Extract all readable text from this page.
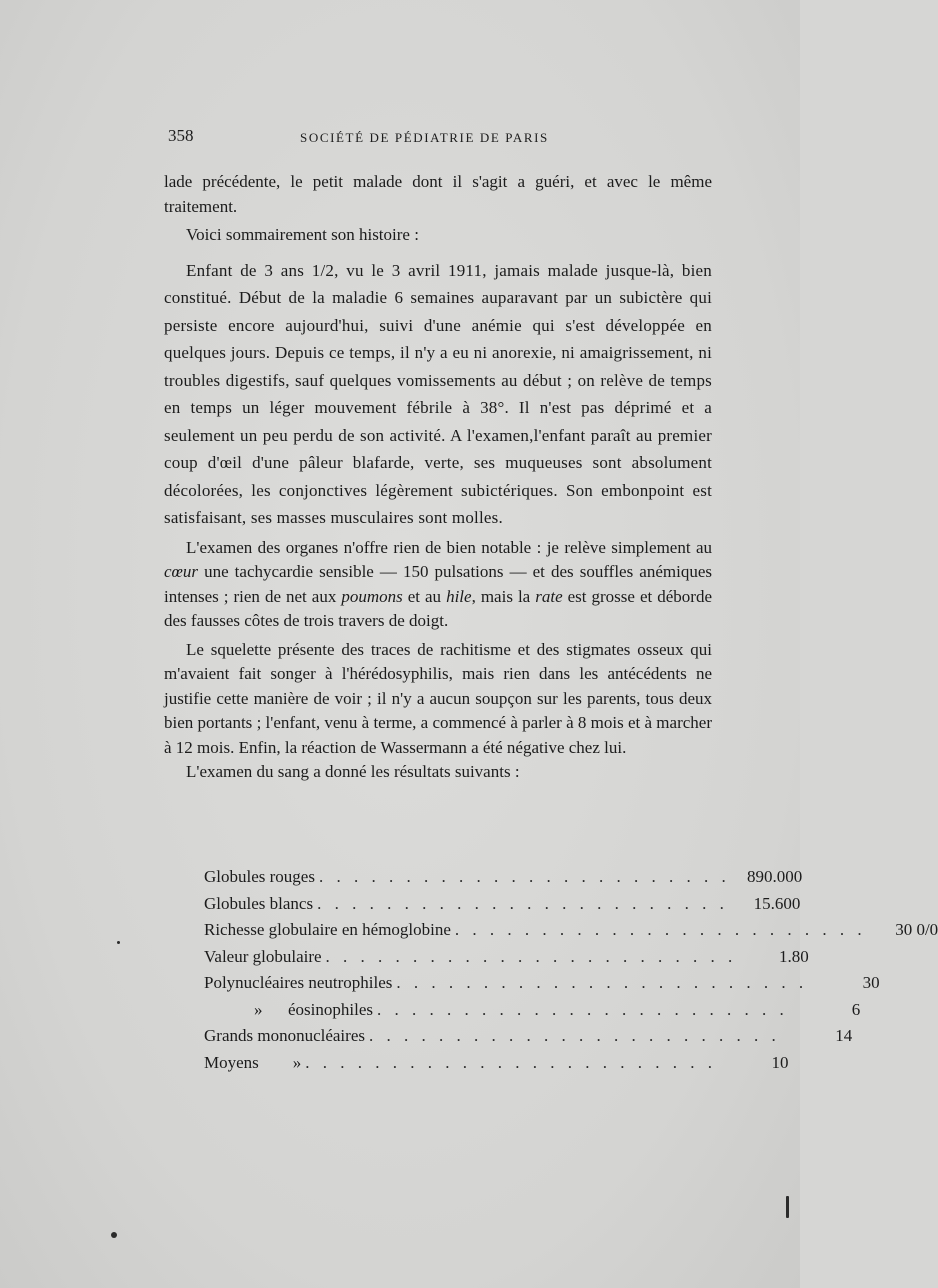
358	SOCIÉTÉ DE PÉDIATRIE DE PARIS

lade précédente, le petit malade dont il s'agit a guéri, et avec le même traitement.

Voici sommairement son histoire :

Enfant de 3 ans 1/2, vu le 3 avril 1911, jamais malade jusque-là, bien constitué. Début de la maladie 6 semaines auparavant par un subictère qui persiste encore aujourd'hui, suivi d'une anémie qui s'est développée en quelques jours. Depuis ce temps, il n'y a eu ni anorexie, ni amaigrissement, ni troubles digestifs, sauf quelques vomissements au début ; on relève de temps en temps un léger mouvement fébrile à 38°. Il n'est pas déprimé et a seulement un peu perdu de son activité. A l'examen,l'enfant paraît au premier coup d'œil d'une pâleur blafarde, verte, ses muqueuses sont absolument décolorées, les conjonctives légèrement subictériques. Son embonpoint est satisfaisant, ses masses musculaires sont molles.

L'examen des organes n'offre rien de bien notable : je relève simplement au cœur une tachycardie sensible — 150 pulsations — et des souffles anémiques intenses ; rien de net aux poumons et au hile, mais la rate est grosse et déborde des fausses côtes de trois travers de doigt.

Le squelette présente des traces de rachitisme et des stigmates osseux qui m'avaient fait songer à l'hérédosyphilis, mais rien dans les antécédents ne justifie cette manière de voir ; il n'y a aucun soupçon sur les parents, tous deux bien portants ; l'enfant, venu à terme, a commencé à parler à 8 mois et à marcher à 12 mois. Enfin, la réaction de Wassermann a été négative chez lui.

L'examen du sang a donné les résultats suivants :

Globules rouges . . . . . . . . . . . . . . . . . . . . . . . . 890.000
Globules blancs . . . . . . . . . . . . . . . . . . . . . . . .	15.600
Richesse globulaire en hémoglobine . . . . . . . . . . . . . . . . . . . . . . . .	30 0/0
Valeur globulaire . . . . . . . . . . . . . . . . . . . . . . . .	1.80
Polynucléaires neutrophiles . . . . . . . . . . . . . . . . . . . . . . . .	30
»      éosinophiles . . . . . . . . . . . . . . . . . . . . . . . .	6
Grands mononucléaires . . . . . . . . . . . . . . . . . . . . . . . .	14
Moyens        » . . . . . . . . . . . . . . . . . . . . . . . .	10
